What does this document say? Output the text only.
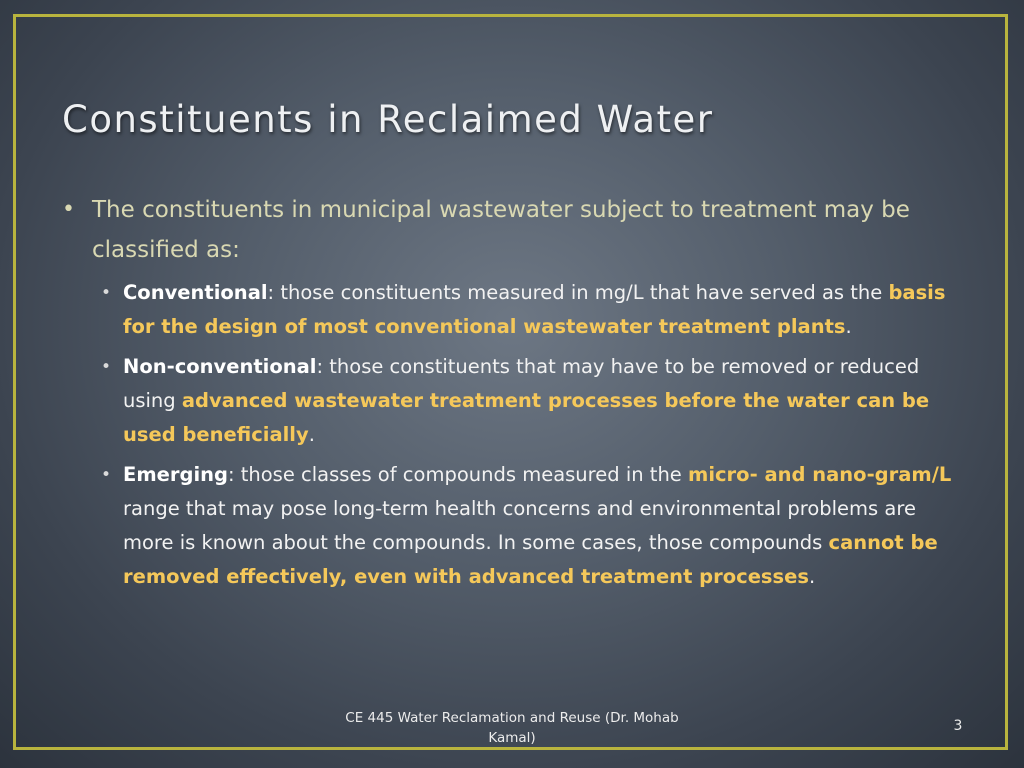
Constituents in Reclaimed Water

• The constituents in municipal wastewater subject to treatment may be classified as:

• Conventional: those constituents measured in mg/L that have served as the basis for the design of most conventional wastewater treatment plants.
• Non-conventional: those constituents that may have to be removed or reduced using advanced wastewater treatment processes before the water can be used beneficially.
• Emerging: those classes of compounds measured in the micro- and nano-gram/L range that may pose long-term health concerns and environmental problems are more is known about the compounds. In some cases, those compounds cannot be removed effectively, even with advanced treatment processes.
CE 445 Water Reclamation and Reuse (Dr. Mohab Kamal)
3
